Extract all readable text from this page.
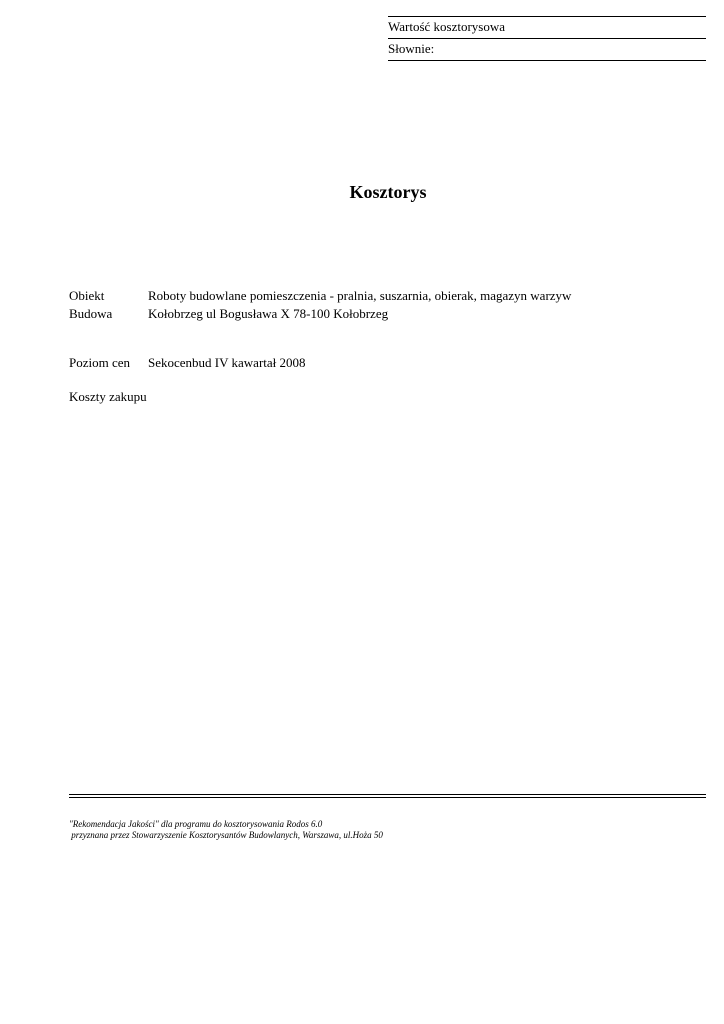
Wartość kosztorysowa
Słownie:
Kosztorys
Obiekt	Roboty budowlane pomieszczenia - pralnia, suszarnia, obierak, magazyn warzyw
Budowa	Kołobrzeg ul Bogusława X 78-100 Kołobrzeg
Poziom cen Sekocenbud IV kawartał 2008
Koszty zakupu
"Rekomendacja Jakości" dla programu do kosztorysowania Rodos 6.0
przyznana przez Stowarzyszenie Kosztorysantów Budowlanych, Warszawa, ul.Hoża 50
